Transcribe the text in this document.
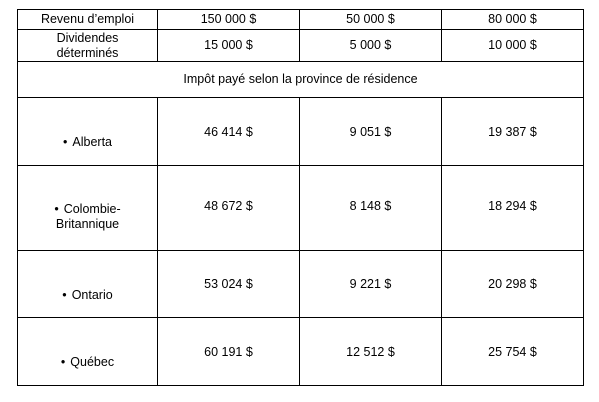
Revenu d’emploi	150 000 $	50 000 $	80 000 $

Dividendes
déterminés	15 000 $	5 000 $	10 000 $
Impôt payé selon la province de résidence			

• Alberta	46 414 $	9 051 $	19 387 $

• Colombie-
Britannique	48 672 $	8 148 $	18 294 $

• Ontario	53 024 $	9 221 $	20 298 $

• Québec	60 191 $	12 512 $	25 754 $
